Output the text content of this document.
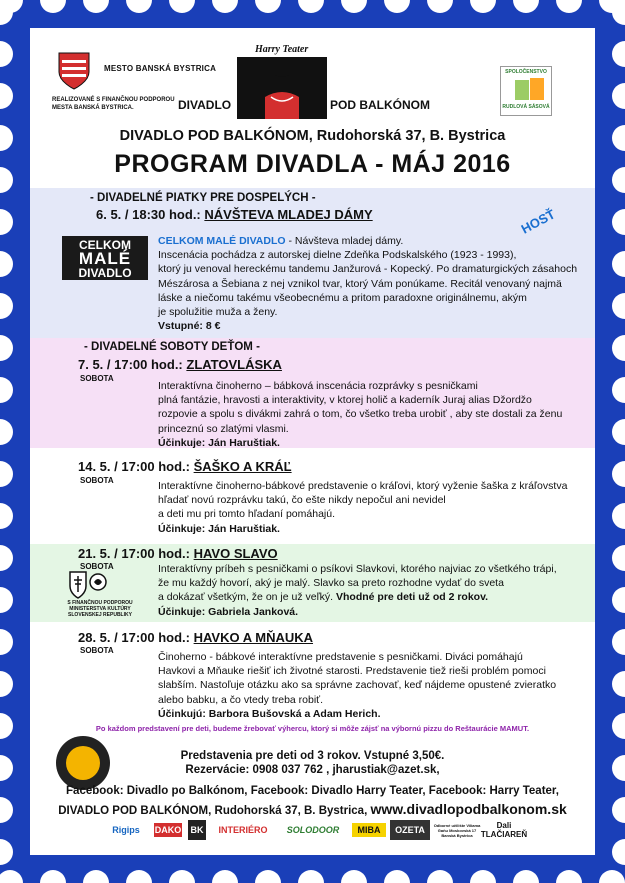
MESTO BANSKÁ BYSTRICA
REALIZOVANÉ S FINANČNOU PODPOROU
MESTA BANSKÁ BYSTRICA.
Harry Teater
DIVADLO	POD BALKÓNOM
SPOLOČENSTVO
RUDLOVÁ SÁSOVÁ
DIVADLO POD BALKÓNOM, Rudohorská 37, B. Bystrica
PROGRAM DIVADLA - MÁJ 2016
- DIVADELNÉ PIATKY PRE DOSPELÝCH -
6. 5. / 18:30 hod.: NÁVŠTEVA MLADEJ DÁMY	HOSŤ
CELKOM
MALÉ
DIVADLO
CELKOM MALÉ DIVADLO - Návšteva mladej dámy.
Inscenácia pochádza z autorskej dielne Zdeňka Podskalského (1923 - 1993),
ktorý ju venoval hereckému tandemu Janžurová - Kopecký. Po dramaturgických zásahoch
Mészárosa a Šebiana z nej vznikol tvar, ktorý Vám ponúkame. Recitál venovaný najmä
láske a niečomu takému všeobecnému a pritom paradoxne originálnemu, akým
je spolužitie muža a ženy.
Vstupné: 8 €
- DIVADELNÉ SOBOTY DEŤOM -
7. 5. / 17:00 hod.: ZLATOVLÁSKA
SOBOTA
Interaktívna činoherno – bábková inscenácia rozprávky s pesničkami
plná fantázie, hravosti a interaktivity, v ktorej holič a kaderník Juraj alias Džordžo
rozpovie a spolu s divákmi zahrá o tom, čo všetko treba urobiť , aby ste dostali za ženu
princeznú so zlatými vlasmi.
Účinkuje: Ján Haruštiak.
14. 5. / 17:00 hod.: ŠAŠKO A KRÁĽ
SOBOTA	Interaktívne činoherno-bábkové predstavenie o kráľovi, ktorý vyženie šaška z kráľovstva
hľadať novú rozprávku takú, čo ešte nikdy nepočul ani nevidel
a deti mu pri tomto hľadaní pomáhajú.
Účinkuje: Ján Haruštiak.
21. 5. / 17:00 hod.: HAVO SLAVO
SOBOTA	Interaktívny príbeh s pesničkami o psíkovi Slavkovi, ktorého najviac zo všetkého trápi,
že mu každý hovorí, aký je malý. Slavko sa preto rozhodne vydať do sveta
a dokázať všetkým, že on je už veľký. Vhodné pre deti už od 2 rokov.
Účinkuje: Gabriela Janková.
S FINANČNOU PODPOROU
MINISTERSTVA KULTÚRY
SLOVENSKEJ REPUBLIKY
28. 5. / 17:00 hod.: HAVKO A MŇAUKA
SOBOTA
Činoherno - bábkové interaktívne predstavenie s pesničkami. Diváci pomáhajú
Havkovi a Mňauke riešiť ich životné starosti. Predstavenie tiež rieši problém pomoci
slabším. Nastoľuje otázku ako sa správne zachovať, keď nájdeme opustené zvieratko
alebo babku, a čo vtedy treba robiť.
Účinkujú: Barbora Bušovská a Adam Herich.
Po každom predstavení pre deti, budeme žrebovať výhercu, ktorý si môže zájsť na výbornú pizzu do Reštaurácie MAMUT.
Predstavenia pre deti od 3 rokov. Vstupné 3,50€.
Rezervácie: 0908 037 762 , jharustiak@azet.sk,
Facebook: Divadlo po Balkónom, Facebook: Divadlo Harry Teater, Facebook: Harry Teater,
DIVADLO POD BALKÓNOM, Rudohorská 37, B. Bystrica, www.divadlopodbalkonom.sk
Rigips	DAKO BK	INTERIÉRO	SOLODOOR	MIBA	OZETA	Odborné učilište Viliama Gaňu Moskovská 17 Banská Bystrica
Dali TLAČIAREŇ
